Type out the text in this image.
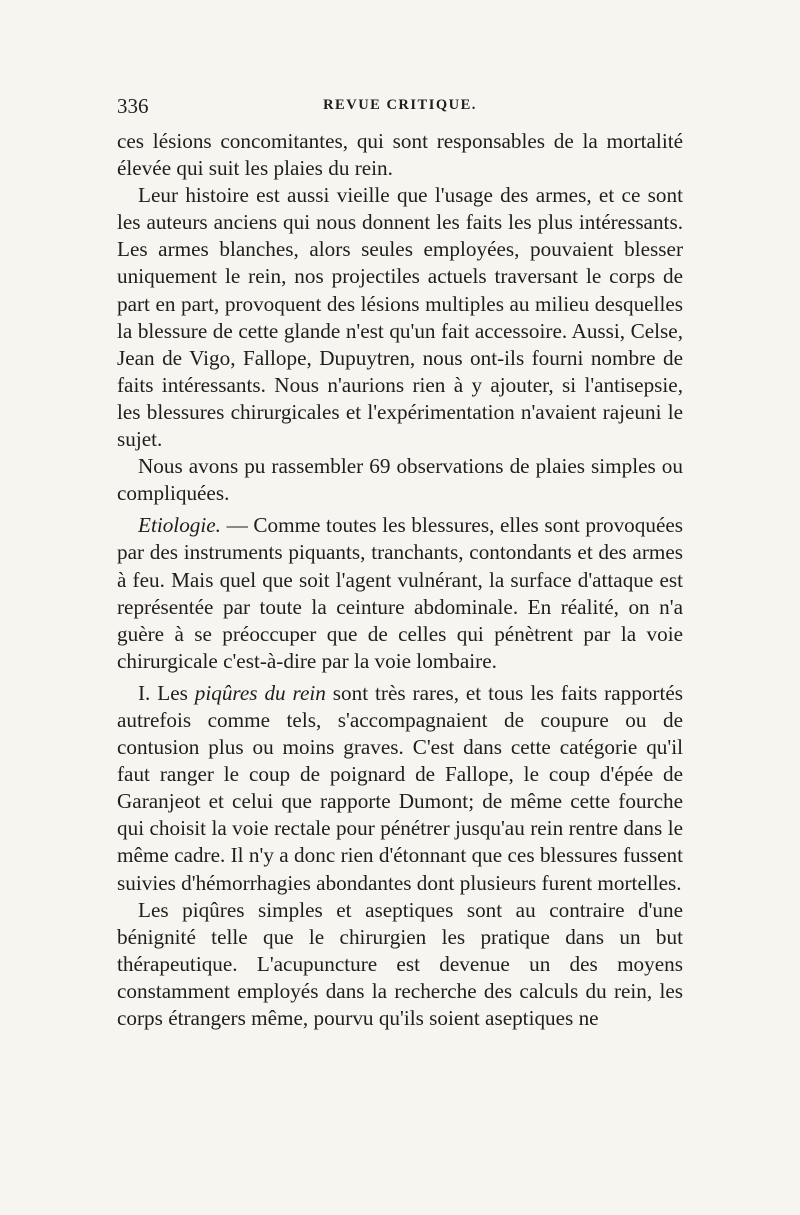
336	REVUE CRITIQUE.

ces lésions concomitantes, qui sont responsables de la mortalité élevée qui suit les plaies du rein.

Leur histoire est aussi vieille que l'usage des armes, et ce sont les auteurs anciens qui nous donnent les faits les plus intéressants. Les armes blanches, alors seules employées, pouvaient blesser uniquement le rein, nos projectiles actuels traversant le corps de part en part, provoquent des lésions multiples au milieu desquelles la blessure de cette glande n'est qu'un fait accessoire. Aussi, Celse, Jean de Vigo, Fallope, Dupuytren, nous ont-ils fourni nombre de faits intéressants. Nous n'aurions rien à y ajouter, si l'antisepsie, les blessures chirurgicales et l'expérimentation n'avaient rajeuni le sujet.

Nous avons pu rassembler 69 observations de plaies simples ou compliquées.

Etiologie. — Comme toutes les blessures, elles sont provoquées par des instruments piquants, tranchants, contondants et des armes à feu. Mais quel que soit l'agent vulnérant, la surface d'attaque est représentée par toute la ceinture abdominale. En réalité, on n'a guère à se préoccuper que de celles qui pénètrent par la voie chirurgicale c'est-à-dire par la voie lombaire.

I. Les piqûres du rein sont très rares, et tous les faits rapportés autrefois comme tels, s'accompagnaient de coupure ou de contusion plus ou moins graves. C'est dans cette catégorie qu'il faut ranger le coup de poignard de Fallope, le coup d'épée de Garanjeot et celui que rapporte Dumont; de même cette fourche qui choisit la voie rectale pour pénétrer jusqu'au rein rentre dans le même cadre. Il n'y a donc rien d'étonnant que ces blessures fussent suivies d'hémorrhagies abondantes dont plusieurs furent mortelles.

Les piqûres simples et aseptiques sont au contraire d'une bénignité telle que le chirurgien les pratique dans un but thérapeutique. L'acupuncture est devenue un des moyens constamment employés dans la recherche des calculs du rein, les corps étrangers même, pourvu qu'ils soient aseptiques ne
